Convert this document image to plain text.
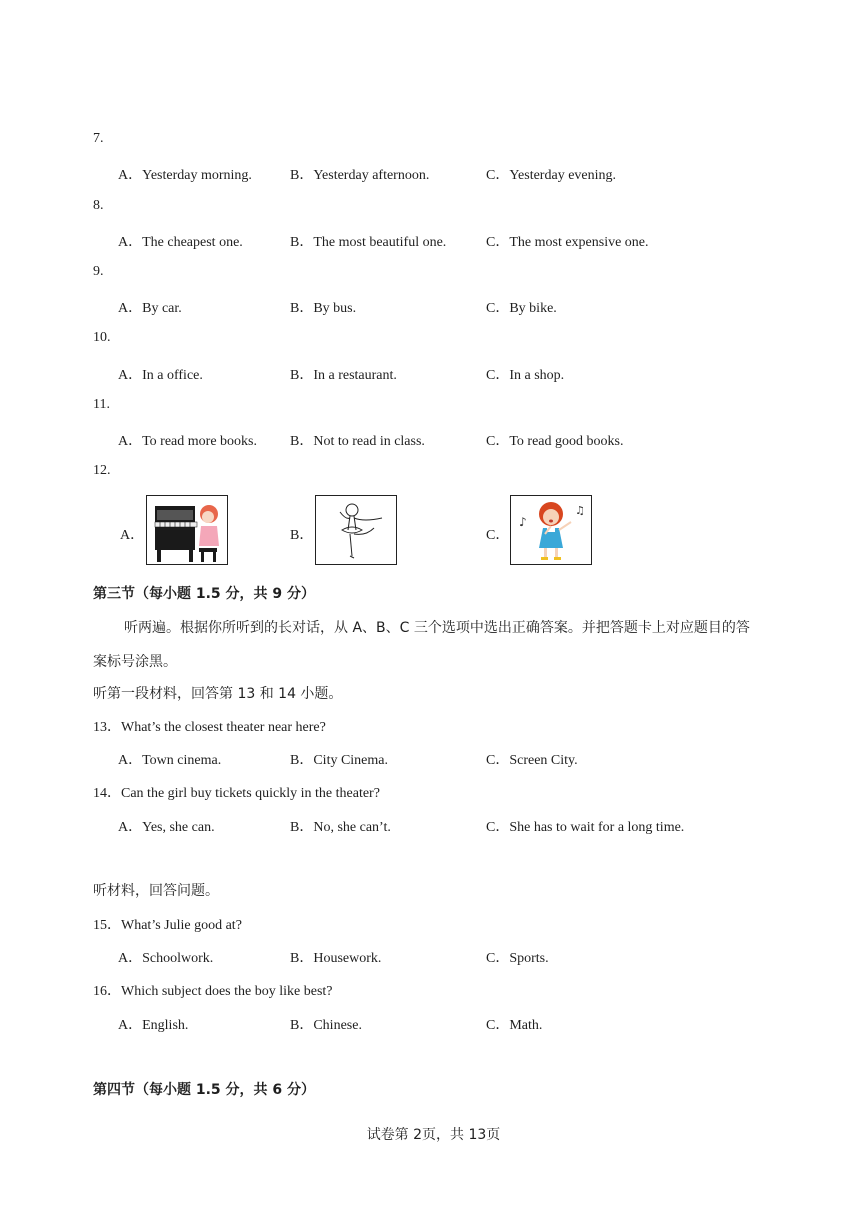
7.
A．Yesterday morning.	B．Yesterday afternoon.	C．Yesterday evening.
8.
A．The cheapest one.	B．The most beautiful one.	C．The most expensive one.
9.
A．By car.	B．By bus.	C．By bike.
10.
A．In a office.	B．In a restaurant.	C．In a shop.
11.
A．To read more books. B．Not to read in class.	C．To read good books.
12.
A．	B．	C．
♪
♫
第三节（每小题 1.5 分，共 9 分）
听两遍。根据你所听到的长对话，从 A、B、C 三个选项中选出正确答案。并把答题卡上对应题目的答
案标号涂黑。
听第一段材料，回答第 13 和 14 小题。
13．What’s the closest theater near here?
A．Town cinema.	B．City Cinema.	C．Screen City.
14．Can the girl buy tickets quickly in the theater?
A．Yes, she can.	B．No, she can’t.	C．She has to wait for a long time.
听材料，回答问题。
15．What’s Julie good at?
A．Schoolwork.	B．Housework.	C．Sports.
16．Which subject does the boy like best?
A．English.	B．Chinese.	C．Math.
第四节（每小题 1.5 分，共 6 分）
试卷第 2页，共 13页
